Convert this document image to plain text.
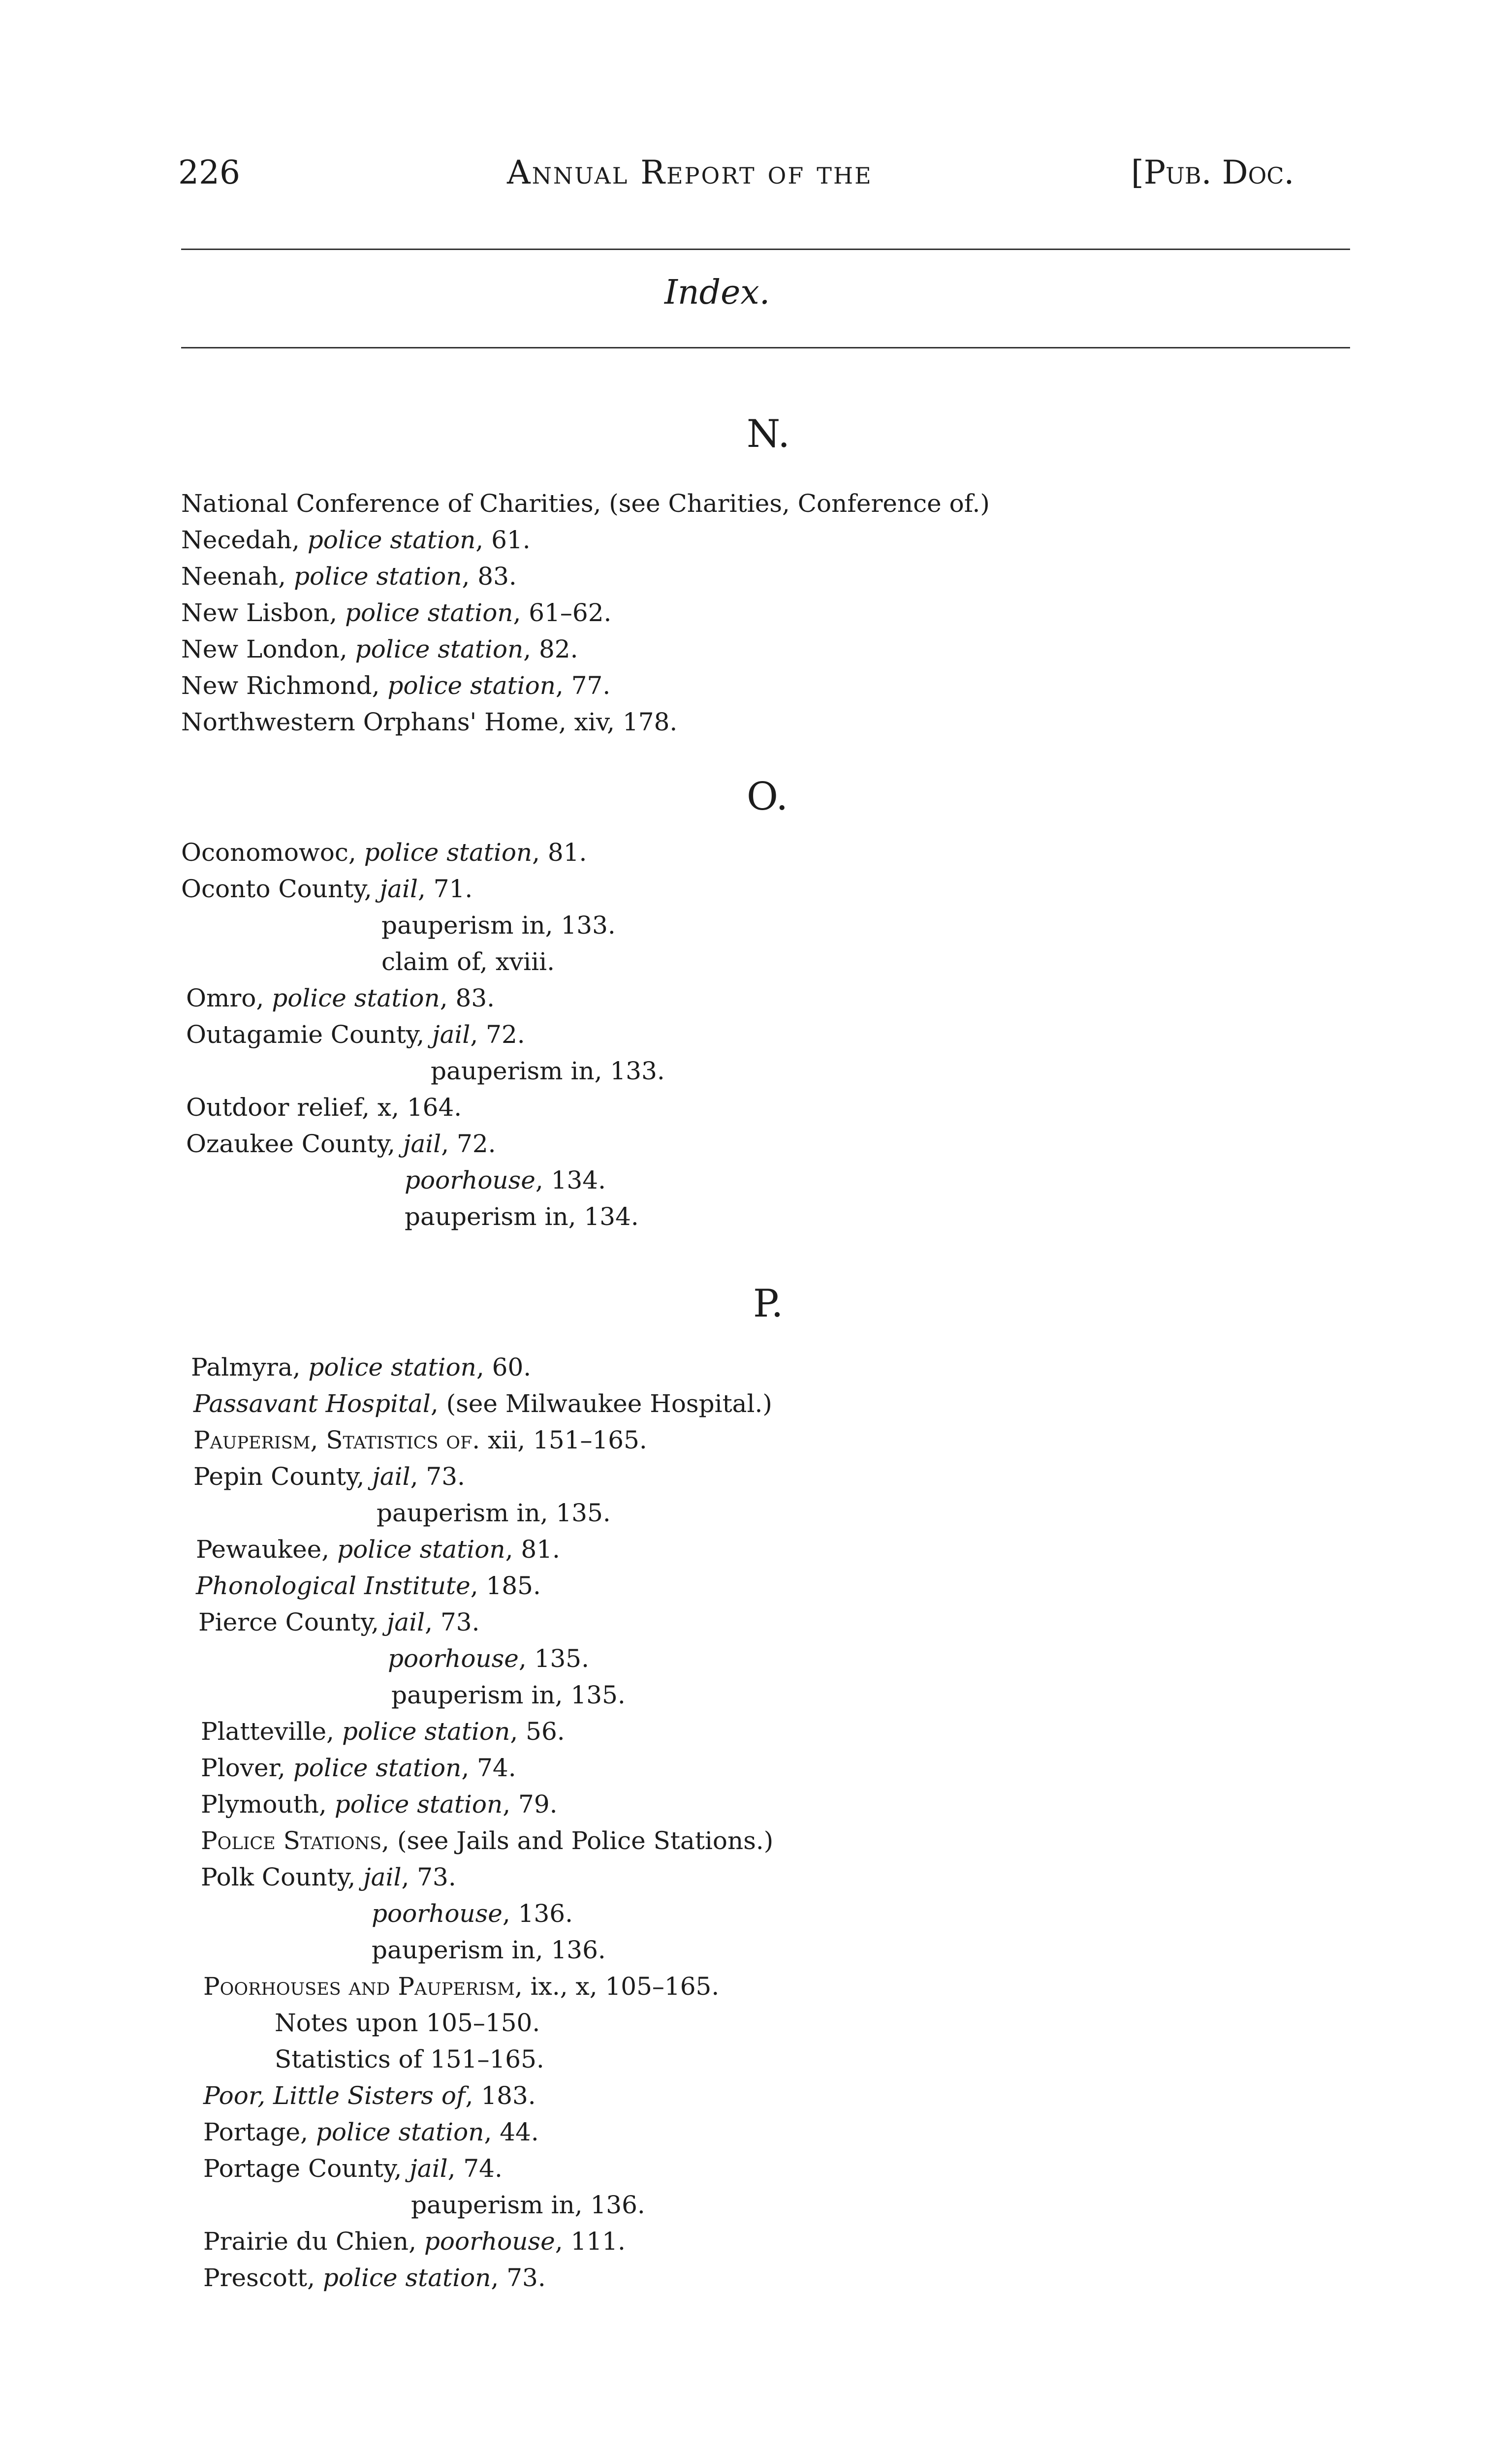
226	Annual Report of the	[Pub. Doc.
Index.
N.
National Conference of Charities, (see Charities, Conference of.)
Necedah, police station, 61.
Neenah, police station, 83.
New Lisbon, police station, 61–62.
New London, police station, 82.
New Richmond, police station, 77.
Northwestern Orphans' Home, xiv, 178.
O.
Oconomowoc, police station, 81.
Oconto County, jail, 71.
pauperism in, 133.
claim of, xviii.
Omro, police station, 83.
Outagamie County, jail, 72.
pauperism in, 133.
Outdoor relief, x, 164.
Ozaukee County, jail, 72.
poorhouse, 134.
pauperism in, 134.
P.
Palmyra, police station, 60.
Passavant Hospital, (see Milwaukee Hospital.)
Pauperism, Statistics of. xii, 151–165.
Pepin County, jail, 73.
pauperism in, 135.
Pewaukee, police station, 81.
Phonological Institute, 185.
Pierce County, jail, 73.
poorhouse, 135.
pauperism in, 135.
Platteville, police station, 56.
Plover, police station, 74.
Plymouth, police station, 79.
Police Stations, (see Jails and Police Stations.)
Polk County, jail, 73.
poorhouse, 136.
pauperism in, 136.
Poorhouses and Pauperism, ix., x, 105–165.
Notes upon 105–150.
Statistics of 151–165.
Poor, Little Sisters of, 183.
Portage, police station, 44.
Portage County, jail, 74.
pauperism in, 136.
Prairie du Chien, poorhouse, 111.
Prescott, police station, 73.
